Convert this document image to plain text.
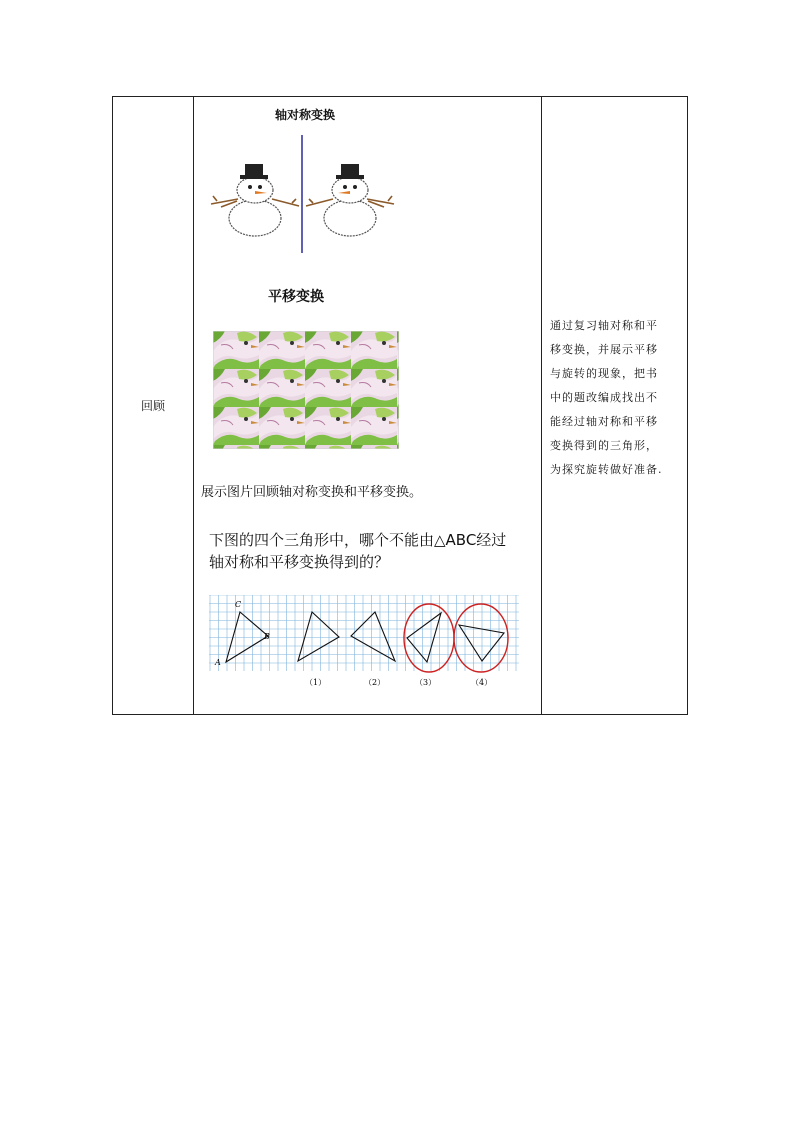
回顾
轴对称变换
平移变换
展示图片回顾轴对称变换和平移变换。
下图的四个三角形中，哪个不能由△ABC经过
轴对称和平移变换得到的？
C
B
A
（1）	（2）	（3）	（4）
通过复习轴对称和平
移变换，并展示平移
与旋转的现象，把书
中的题改编成找出不
能经过轴对称和平移
变换得到的三角形，
为探究旋转做好准备.
